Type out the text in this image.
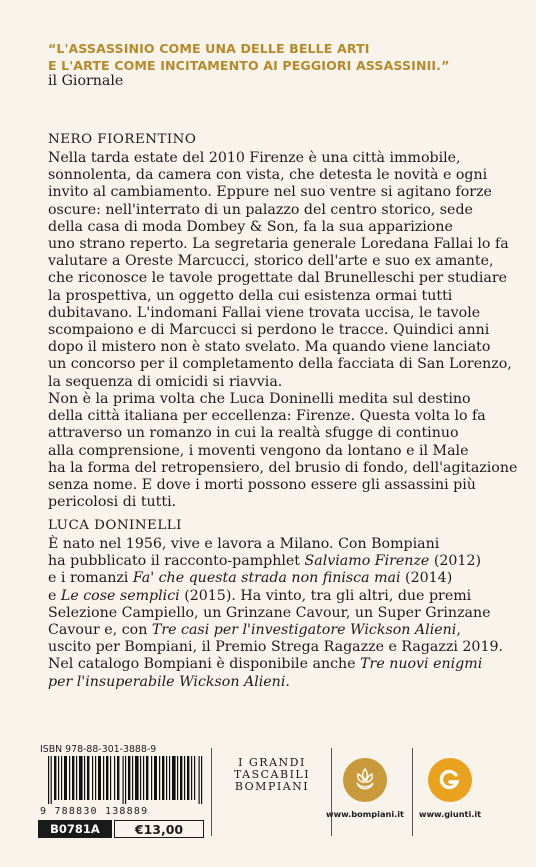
“L'ASSASSINIO COME UNA DELLE BELLE ARTI
E L'ARTE COME INCITAMENTO AI PEGGIORI ASSASSINII.”
il Giornale
NERO FIORENTINO
Nella tarda estate del 2010 Firenze è una città immobile,
sonnolenta, da camera con vista, che detesta le novità e ogni
invito al cambiamento. Eppure nel suo ventre si agitano forze
oscure: nell'interrato di un palazzo del centro storico, sede
della casa di moda Dombey & Son, fa la sua apparizione
uno strano reperto. La segretaria generale Loredana Fallai lo fa
valutare a Oreste Marcucci, storico dell'arte e suo ex amante,
che riconosce le tavole progettate dal Brunelleschi per studiare
la prospettiva, un oggetto della cui esistenza ormai tutti
dubitavano. L'indomani Fallai viene trovata uccisa, le tavole
scompaiono e di Marcucci si perdono le tracce. Quindici anni
dopo il mistero non è stato svelato. Ma quando viene lanciato
un concorso per il completamento della facciata di San Lorenzo,
la sequenza di omicidi si riavvia.
Non è la prima volta che Luca Doninelli medita sul destino
della città italiana per eccellenza: Firenze. Questa volta lo fa
attraverso un romanzo in cui la realtà sfugge di continuo
alla comprensione, i moventi vengono da lontano e il Male
ha la forma del retropensiero, del brusio di fondo, dell'agitazione
senza nome. E dove i morti possono essere gli assassini più
pericolosi di tutti.
LUCA DONINELLI
È nato nel 1956, vive e lavora a Milano. Con Bompiani
ha pubblicato il racconto-pamphlet Salviamo Firenze (2012)
e i romanzi Fa' che questa strada non finisca mai (2014)
e Le cose semplici (2015). Ha vinto, tra gli altri, due premi
Selezione Campiello, un Grinzane Cavour, un Super Grinzane
Cavour e, con Tre casi per l'investigatore Wickson Alieni,
uscito per Bompiani, il Premio Strega Ragazze e Ragazzi 2019.
Nel catalogo Bompiani è disponibile anche Tre nuovi enigmi
per l'insuperabile Wickson Alieni.
ISBN 978-88-301-3888-9
9 788830 138889
B0781A	€13,00
I GRANDI
TASCABILI
BOMPIANI
www.bompiani.it	www.giunti.it
